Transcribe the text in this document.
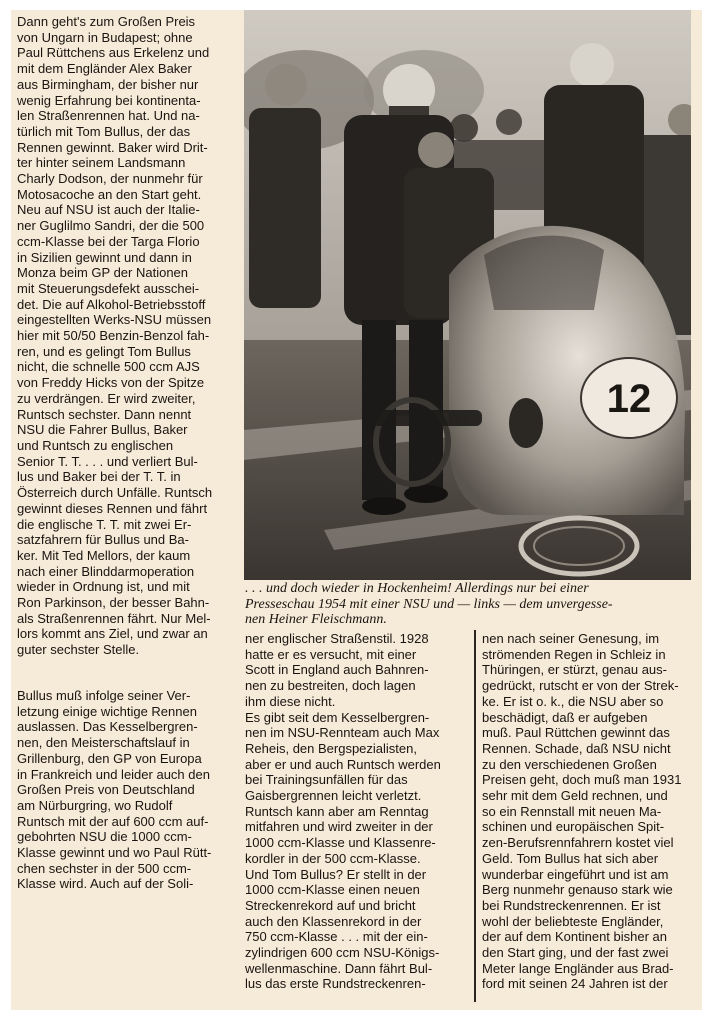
Dann geht's zum Großen Preis
von Ungarn in Budapest; ohne
Paul Rüttchens aus Erkelenz und
mit dem Engländer Alex Baker
aus Birmingham, der bisher nur
wenig Erfahrung bei kontinenta-
len Straßenrennen hat. Und na-
türlich mit Tom Bullus, der das
Rennen gewinnt. Baker wird Drit-
ter hinter seinem Landsmann
Charly Dodson, der nunmehr für
Motosacoche an den Start geht.
Neu auf NSU ist auch der Italie-
ner Guglilmo Sandri, der die 500
ccm-Klasse bei der Targa Florio
in Sizilien gewinnt und dann in
Monza beim GP der Nationen
mit Steuerungsdefekt ausschei-
det. Die auf Alkohol-Betriebsstoff
eingestellten Werks-NSU müssen
hier mit 50/50 Benzin-Benzol fah-
ren, und es gelingt Tom Bullus
nicht, die schnelle 500 ccm AJS
von Freddy Hicks von der Spitze
zu verdrängen. Er wird zweiter,
Runtsch sechster. Dann nennt
NSU die Fahrer Bullus, Baker
und Runtsch zu englischen
Senior T. T. . . . und verliert Bul-
lus und Baker bei der T. T. in
Österreich durch Unfälle. Runtsch
gewinnt dieses Rennen und fährt
die englische T. T. mit zwei Er-
satzfahrern für Bullus und Ba-
ker. Mit Ted Mellors, der kaum
nach einer Blinddarmoperation
wieder in Ordnung ist, und mit
Ron Parkinson, der besser Bahn-
als Straßenrennen fährt. Nur Mel-
lors kommt ans Ziel, und zwar an
guter sechster Stelle.
Bullus muß infolge seiner Ver-
letzung einige wichtige Rennen
auslassen. Das Kesselbergren-
nen, den Meisterschaftslauf in
Grillenburg, den GP von Europa
in Frankreich und leider auch den
Großen Preis von Deutschland
am Nürburgring, wo Rudolf
Runtsch mit der auf 600 ccm auf-
gebohrten NSU die 1000 ccm-
Klasse gewinnt und wo Paul Rütt-
chen sechster in der 500 ccm-
Klasse wird. Auch auf der Soli-
12
. . . und doch wieder in Hockenheim! Allerdings nur bei einer
Presseschau 1954 mit einer NSU und — links — dem unvergesse-
nen Heiner Fleischmann.
ner englischer Straßenstil. 1928
hatte er es versucht, mit einer
Scott in England auch Bahnren-
nen zu bestreiten, doch lagen
ihm diese nicht.
Es gibt seit dem Kesselbergren-
nen im NSU-Rennteam auch Max
Reheis, den Bergspezialisten,
aber er und auch Runtsch werden
bei Trainingsunfällen für das
Gaisbergrennen leicht verletzt.
Runtsch kann aber am Renntag
mitfahren und wird zweiter in der
1000 ccm-Klasse und Klassenre-
kordler in der 500 ccm-Klasse.
Und Tom Bullus? Er stellt in der
1000 ccm-Klasse einen neuen
Streckenrekord auf und bricht
auch den Klassenrekord in der
750 ccm-Klasse . . . mit der ein-
zylindrigen 600 ccm NSU-Königs-
wellenmaschine. Dann fährt Bul-
lus das erste Rundstreckenren-
nen nach seiner Genesung, im
strömenden Regen in Schleiz in
Thüringen, er stürzt, genau aus-
gedrückt, rutscht er von der Strek-
ke. Er ist o. k., die NSU aber so
beschädigt, daß er aufgeben
muß. Paul Rüttchen gewinnt das
Rennen. Schade, daß NSU nicht
zu den verschiedenen Großen
Preisen geht, doch muß man 1931
sehr mit dem Geld rechnen, und
so ein Rennstall mit neuen Ma-
schinen und europäischen Spit-
zen-Berufsrennfahrern kostet viel
Geld. Tom Bullus hat sich aber
wunderbar eingeführt und ist am
Berg nunmehr genauso stark wie
bei Rundstreckenrennen. Er ist
wohl der beliebteste Engländer,
der auf dem Kontinent bisher an
den Start ging, und der fast zwei
Meter lange Engländer aus Brad-
ford mit seinen 24 Jahren ist der
